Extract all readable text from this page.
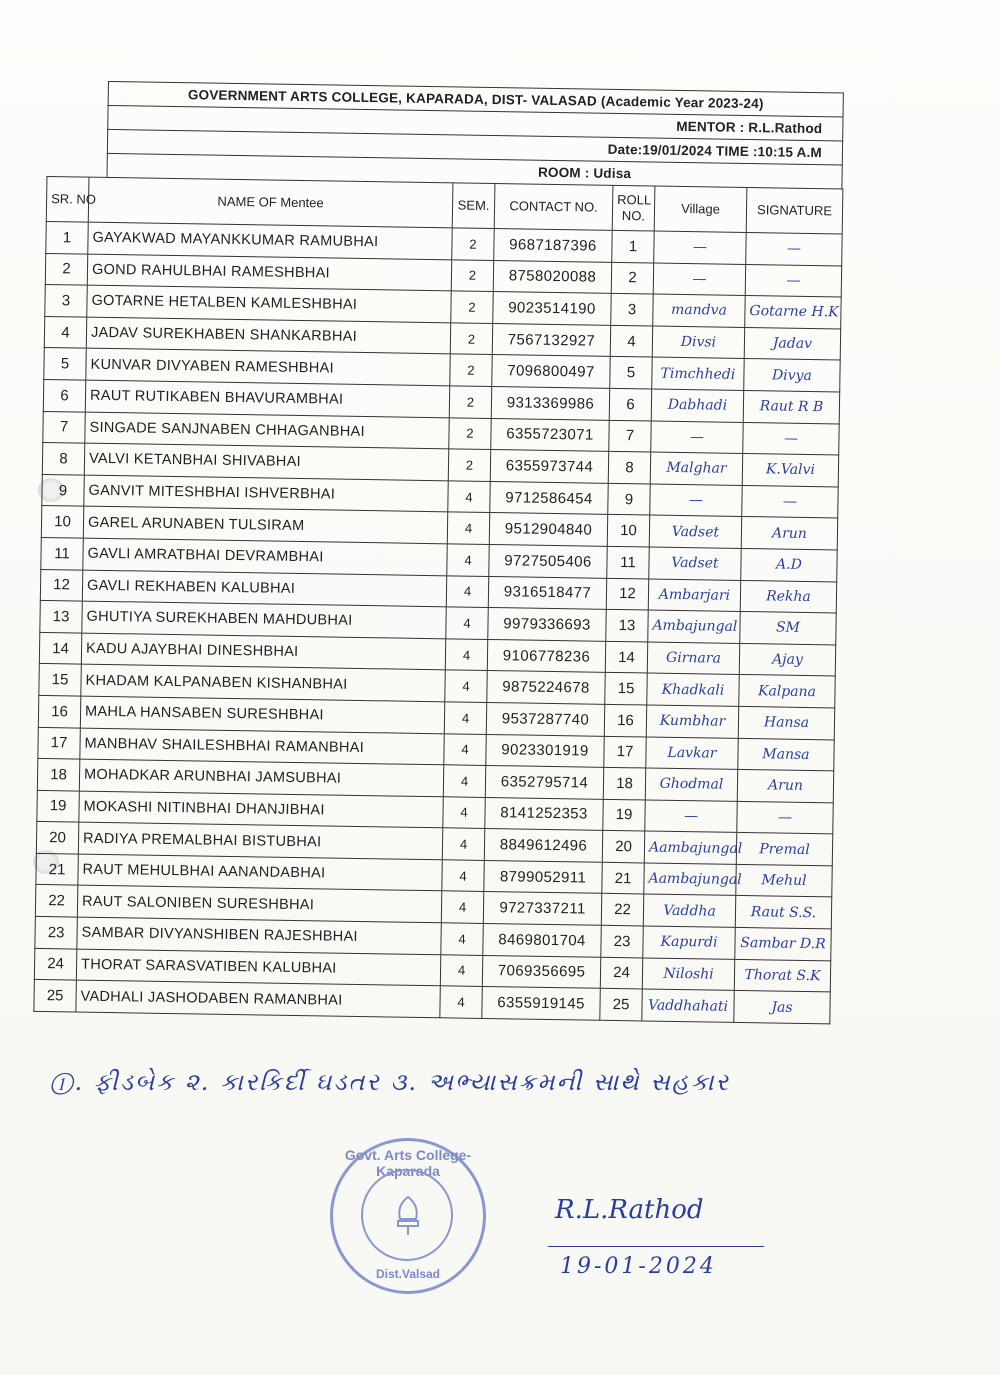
GOVERNMENT ARTS COLLEGE, KAPARADA, DIST- VALASAD (Academic Year 2023-24)
MENTOR : R.L.Rathod
Date:19/01/2024 TIME :10:15 A.M
ROOM : Udisa
SR. NO	NAME OF Mentee	SEM.	CONTACT NO.	ROLL NO.	Village	SIGNATURE
1	GAYAKWAD MAYANKKUMAR RAMUBHAI	2	9687187396	1	—	—
2	GOND RAHULBHAI RAMESHBHAI	2	8758020088	2	—	—
3	GOTARNE HETALBEN KAMLESHBHAI	2	9023514190	3	mandva	Gotarne H.K
4	JADAV SUREKHABEN SHANKARBHAI	2	7567132927	4	Divsi	Jadav
5	KUNVAR DIVYABEN RAMESHBHAI	2	7096800497	5	Timchhedi	Divya
6	RAUT RUTIKABEN BHAVURAMBHAI	2	9313369986	6	Dabhadi	Raut R B
7	SINGADE SANJNABEN CHHAGANBHAI	2	6355723071	7	—	—
8	VALVI KETANBHAI SHIVABHAI	2	6355973744	8	Malghar	K.Valvi
9	GANVIT MITESHBHAI ISHVERBHAI	4	9712586454	9	—	—
10	GAREL ARUNABEN TULSIRAM	4	9512904840	10	Vadset	Arun
11	GAVLI AMRATBHAI DEVRAMBHAI	4	9727505406	11	Vadset	A.D
12	GAVLI REKHABEN KALUBHAI	4	9316518477	12	Ambarjari	Rekha
13	GHUTIYA SUREKHABEN MAHDUBHAI	4	9979336693	13	Ambajungal	SM
14	KADU AJAYBHAI DINESHBHAI	4	9106778236	14	Girnara	Ajay
15	KHADAM KALPANABEN KISHANBHAI	4	9875224678	15	Khadkali	Kalpana
16	MAHLA HANSABEN SURESHBHAI	4	9537287740	16	Kumbhar	Hansa
17	MANBHAV SHAILESHBHAI RAMANBHAI	4	9023301919	17	Lavkar	Mansa
18	MOHADKAR ARUNBHAI JAMSUBHAI	4	6352795714	18	Ghodmal	Arun
19	MOKASHI NITINBHAI DHANJIBHAI	4	8141252353	19	—	—
20	RADIYA PREMALBHAI BISTUBHAI	4	8849612496	20	Aambajungal	Premal
21	RAUT MEHULBHAI AANANDABHAI	4	8799052911	21	Aambajungal	Mehul
22	RAUT SALONIBEN SURESHBHAI	4	9727337211	22	Vaddha	Raut S.S.
23	SAMBAR DIVYANSHIBEN RAJESHBHAI	4	8469801704	23	Kapurdi	Sambar D.R
24	THORAT SARASVATIBEN KALUBHAI	4	7069356695	24	Niloshi	Thorat S.K
25	VADHALI JASHODABEN RAMANBHAI	4	6355919145	25	Vaddhahati	Jas
①. ફીડબેક ૨. કારકિર્દી ઘડતર ૩. અભ્યાસક્રમની સાથે સહકાર
Govt. Arts College-Kaparada
Dist.Valsad
R.L.Rathod
19-01-2024
